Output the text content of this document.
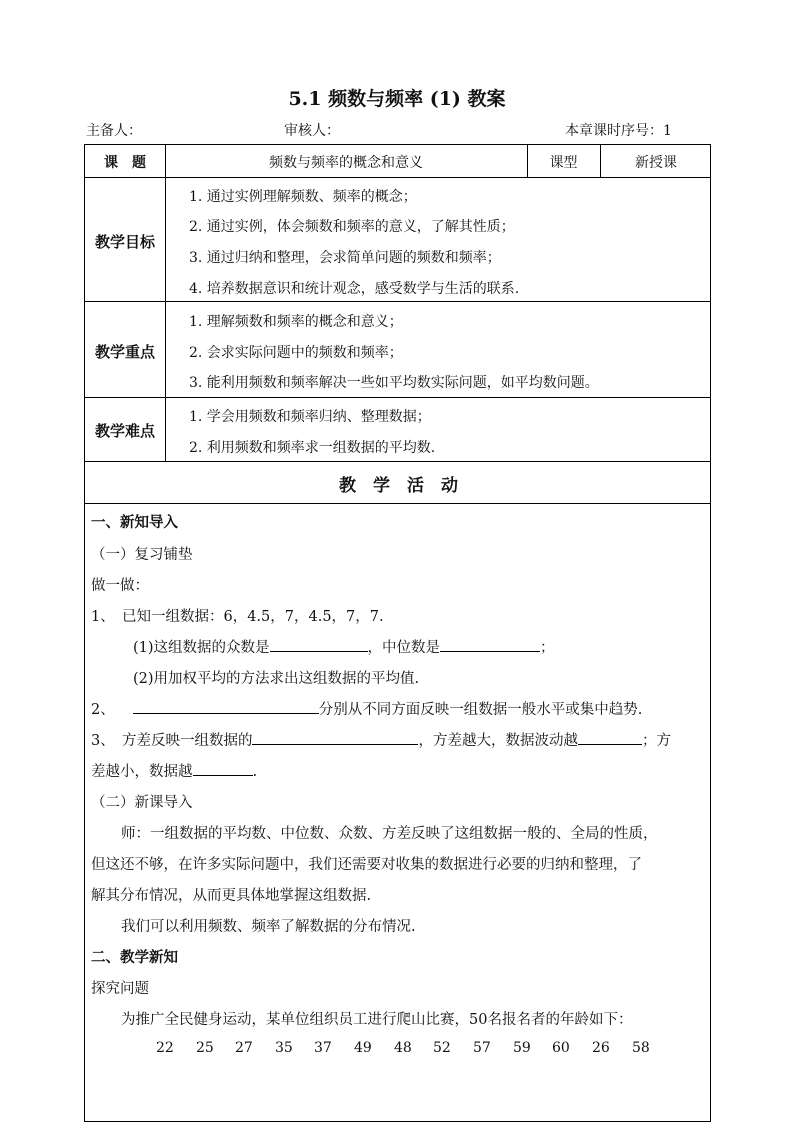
5.1 频数与频率 (1) 教案
主备人：	审核人：	本章课时序号：1
课　题	频数与频率的概念和意义	课型	新授课
教学目标
1. 通过实例理解频数、频率的概念；
2. 通过实例，体会频数和频率的意义，了解其性质；
3. 通过归纳和整理，会求简单问题的频数和频率；
4. 培养数据意识和统计观念，感受数学与生活的联系.
教学重点
1. 理解频数和频率的概念和意义；
2. 会求实际问题中的频数和频率；
3. 能利用频数和频率解决一些如平均数实际问题，如平均数问题。
教学难点
1. 学会用频数和频率归纳、整理数据；
2. 利用频数和频率求一组数据的平均数.
教　学　活　动
一、新知导入
（一）复习铺垫
做一做：
1、　已知一组数据：6，4.5，7，4.5，7，7.
(1)这组数据的众数是	，中位数是	；
(2)用加权平均的方法求出这组数据的平均值.
2、	分别从不同方面反映一组数据一般水平或集中趋势.
3、　方差反映一组数据的	，方差越大，数据波动越	；方
差越小，数据越	.
（二）新课导入
师：一组数据的平均数、中位数、众数、方差反映了这组数据一般的、全局的性质，
但这还不够，在许多实际问题中，我们还需要对收集的数据进行必要的归纳和整理，了
解其分布情况，从而更具体地掌握这组数据.
我们可以利用频数、频率了解数据的分布情况.
二、教学新知
探究问题
为推广全民健身运动，某单位组织员工进行爬山比赛，50名报名者的年龄如下：
22 25 27 35 37 49 48 52 57 59 60 26 58
